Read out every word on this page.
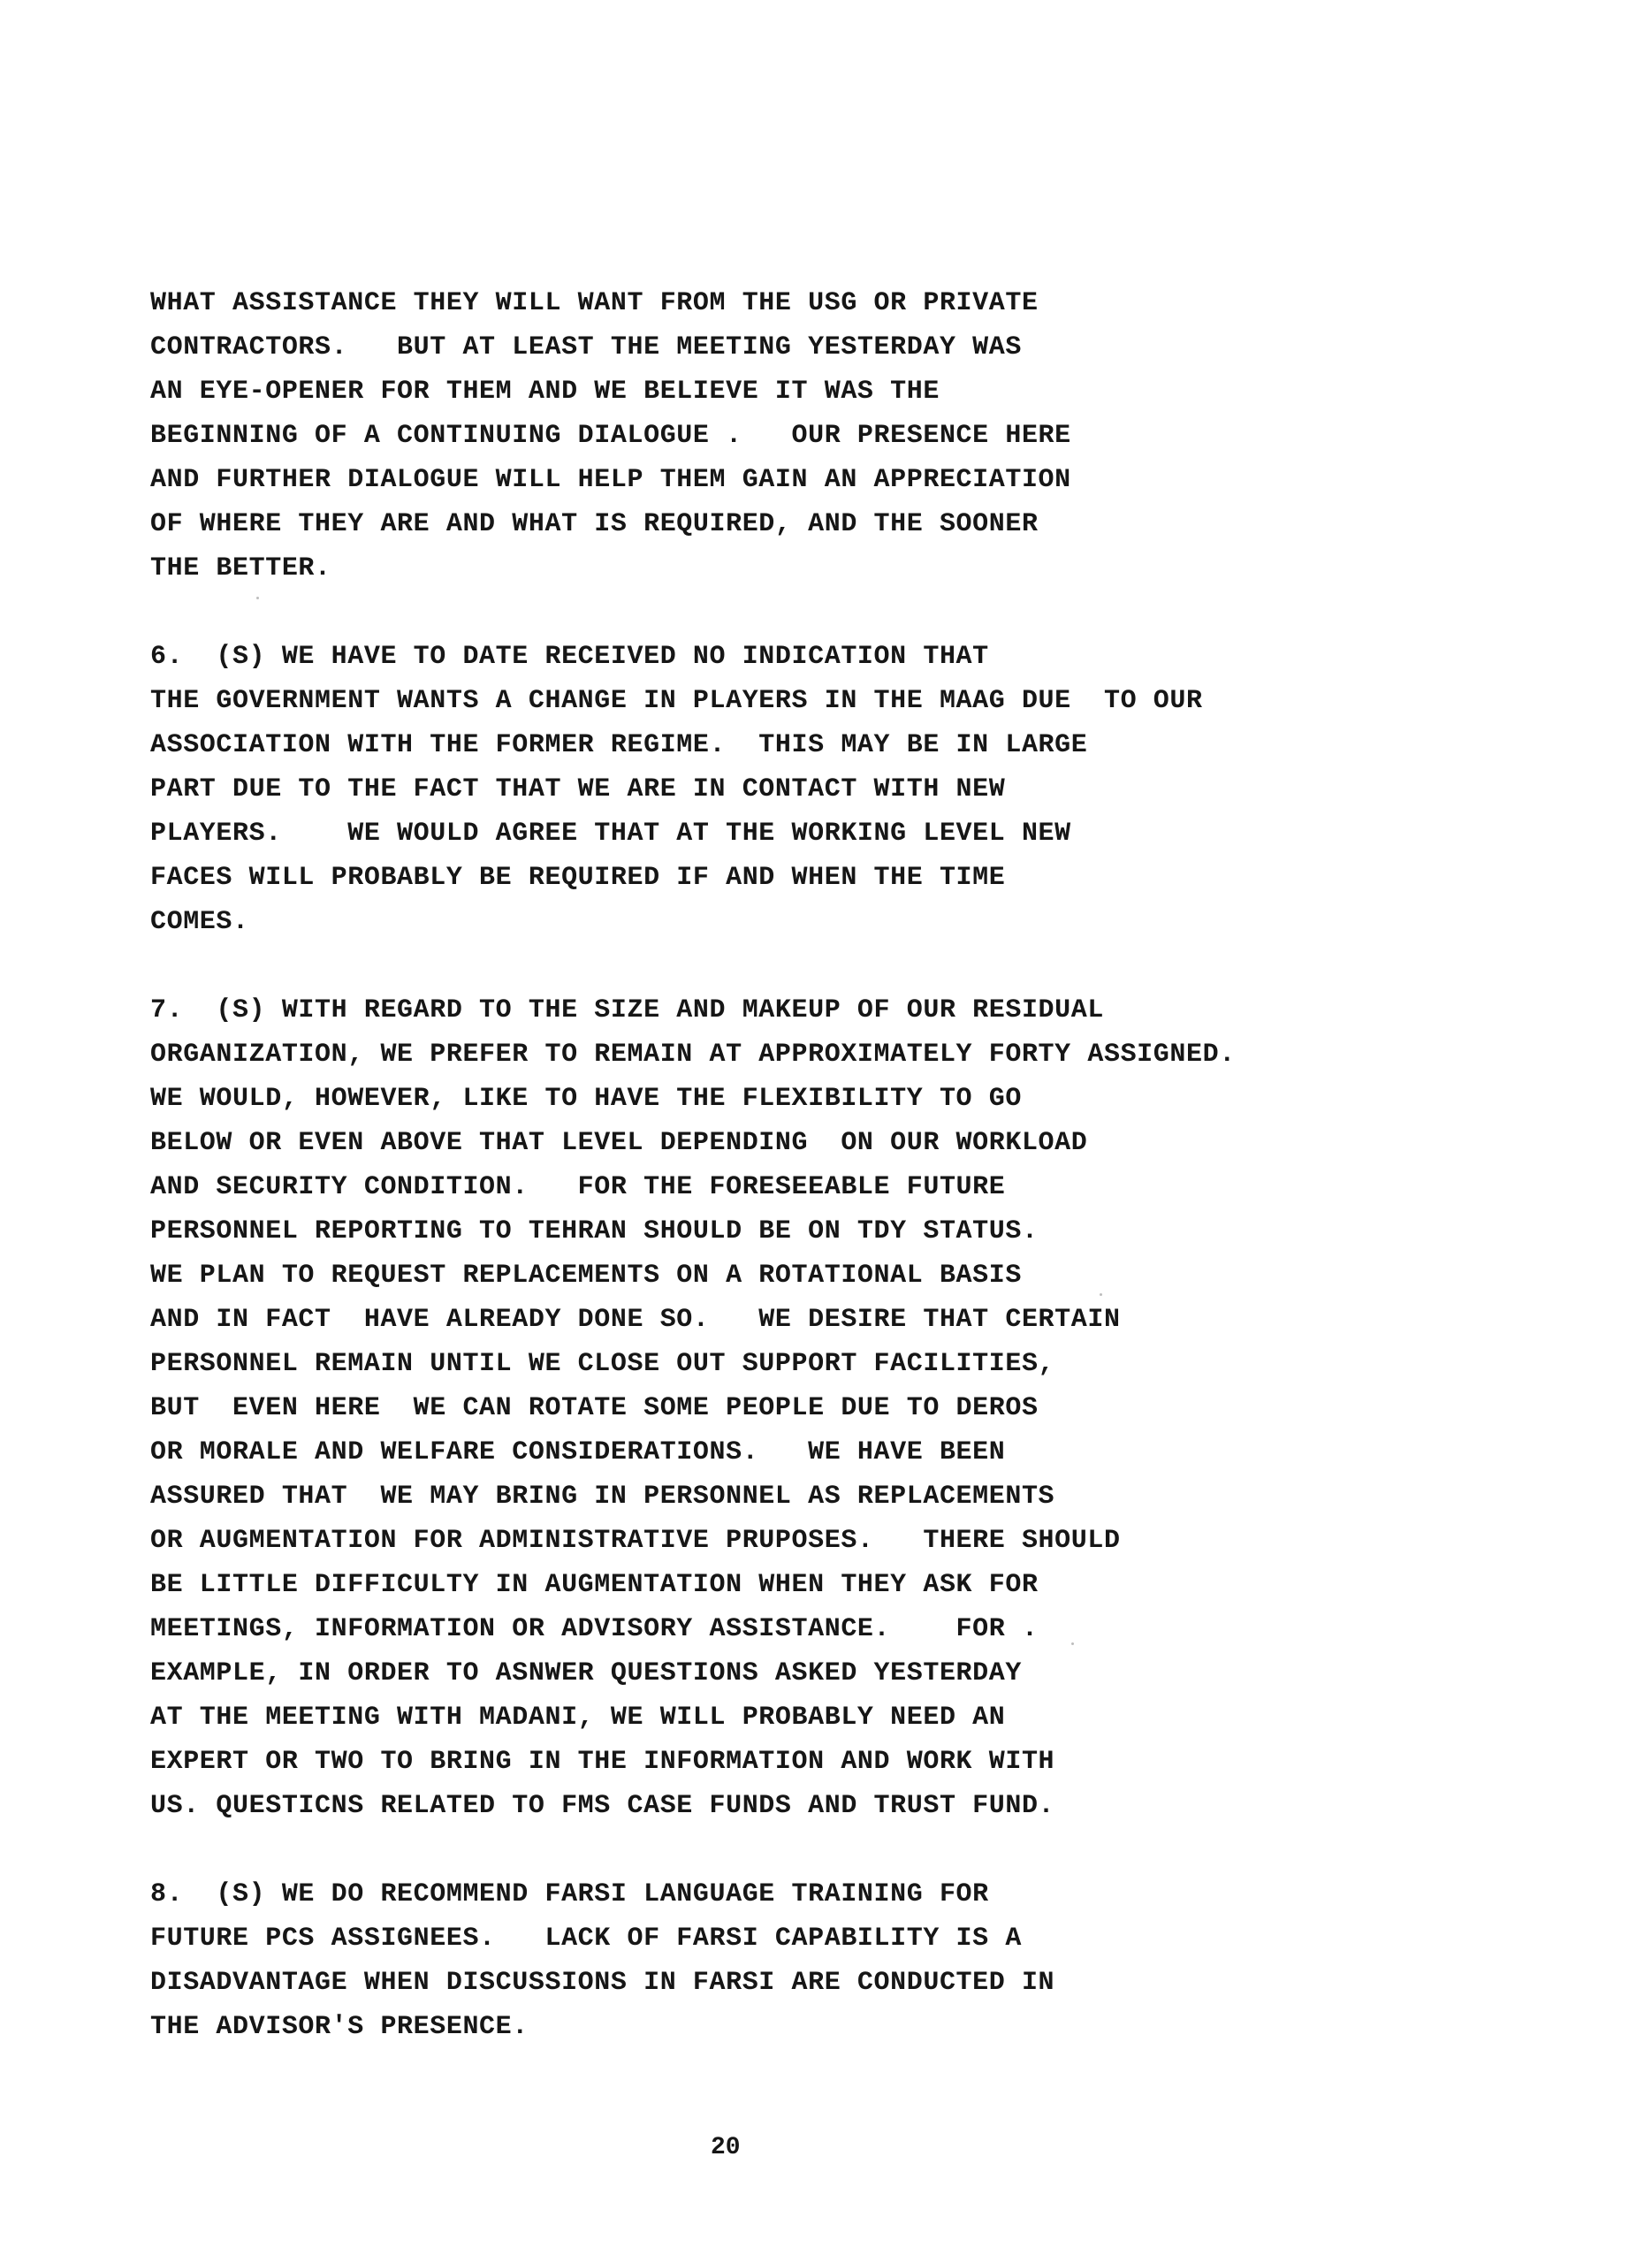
WHAT ASSISTANCE THEY WILL WANT FROM THE USG OR PRIVATE
CONTRACTORS.   BUT AT LEAST THE MEETING YESTERDAY WAS
AN EYE-OPENER FOR THEM AND WE BELIEVE IT WAS THE
BEGINNING OF A CONTINUING DIALOGUE .   OUR PRESENCE HERE
AND FURTHER DIALOGUE WILL HELP THEM GAIN AN APPRECIATION
OF WHERE THEY ARE AND WHAT IS REQUIRED, AND THE SOONER
THE BETTER.
6.  (S) WE HAVE TO DATE RECEIVED NO INDICATION THAT
THE GOVERNMENT WANTS A CHANGE IN PLAYERS IN THE MAAG DUE  TO OUR
ASSOCIATION WITH THE FORMER REGIME.  THIS MAY BE IN LARGE
PART DUE TO THE FACT THAT WE ARE IN CONTACT WITH NEW
PLAYERS.    WE WOULD AGREE THAT AT THE WORKING LEVEL NEW
FACES WILL PROBABLY BE REQUIRED IF AND WHEN THE TIME
COMES.
7.  (S) WITH REGARD TO THE SIZE AND MAKEUP OF OUR RESIDUAL
ORGANIZATION, WE PREFER TO REMAIN AT APPROXIMATELY FORTY ASSIGNED.
WE WOULD, HOWEVER, LIKE TO HAVE THE FLEXIBILITY TO GO
BELOW OR EVEN ABOVE THAT LEVEL DEPENDING  ON OUR WORKLOAD
AND SECURITY CONDITION.   FOR THE FORESEEABLE FUTURE
PERSONNEL REPORTING TO TEHRAN SHOULD BE ON TDY STATUS.
WE PLAN TO REQUEST REPLACEMENTS ON A ROTATIONAL BASIS
AND IN FACT  HAVE ALREADY DONE SO.   WE DESIRE THAT CERTAIN
PERSONNEL REMAIN UNTIL WE CLOSE OUT SUPPORT FACILITIES,
BUT  EVEN HERE  WE CAN ROTATE SOME PEOPLE DUE TO DEROS
OR MORALE AND WELFARE CONSIDERATIONS.   WE HAVE BEEN
ASSURED THAT  WE MAY BRING IN PERSONNEL AS REPLACEMENTS
OR AUGMENTATION FOR ADMINISTRATIVE PRUPOSES.   THERE SHOULD
BE LITTLE DIFFICULTY IN AUGMENTATION WHEN THEY ASK FOR
MEETINGS, INFORMATION OR ADVISORY ASSISTANCE.    FOR .
EXAMPLE, IN ORDER TO ASNWER QUESTIONS ASKED YESTERDAY
AT THE MEETING WITH MADANI, WE WILL PROBABLY NEED AN
EXPERT OR TWO TO BRING IN THE INFORMATION AND WORK WITH
US. QUESTICNS RELATED TO FMS CASE FUNDS AND TRUST FUND.
8.  (S) WE DO RECOMMEND FARSI LANGUAGE TRAINING FOR
FUTURE PCS ASSIGNEES.   LACK OF FARSI CAPABILITY IS A
DISADVANTAGE WHEN DISCUSSIONS IN FARSI ARE CONDUCTED IN
THE ADVISOR'S PRESENCE.
20
